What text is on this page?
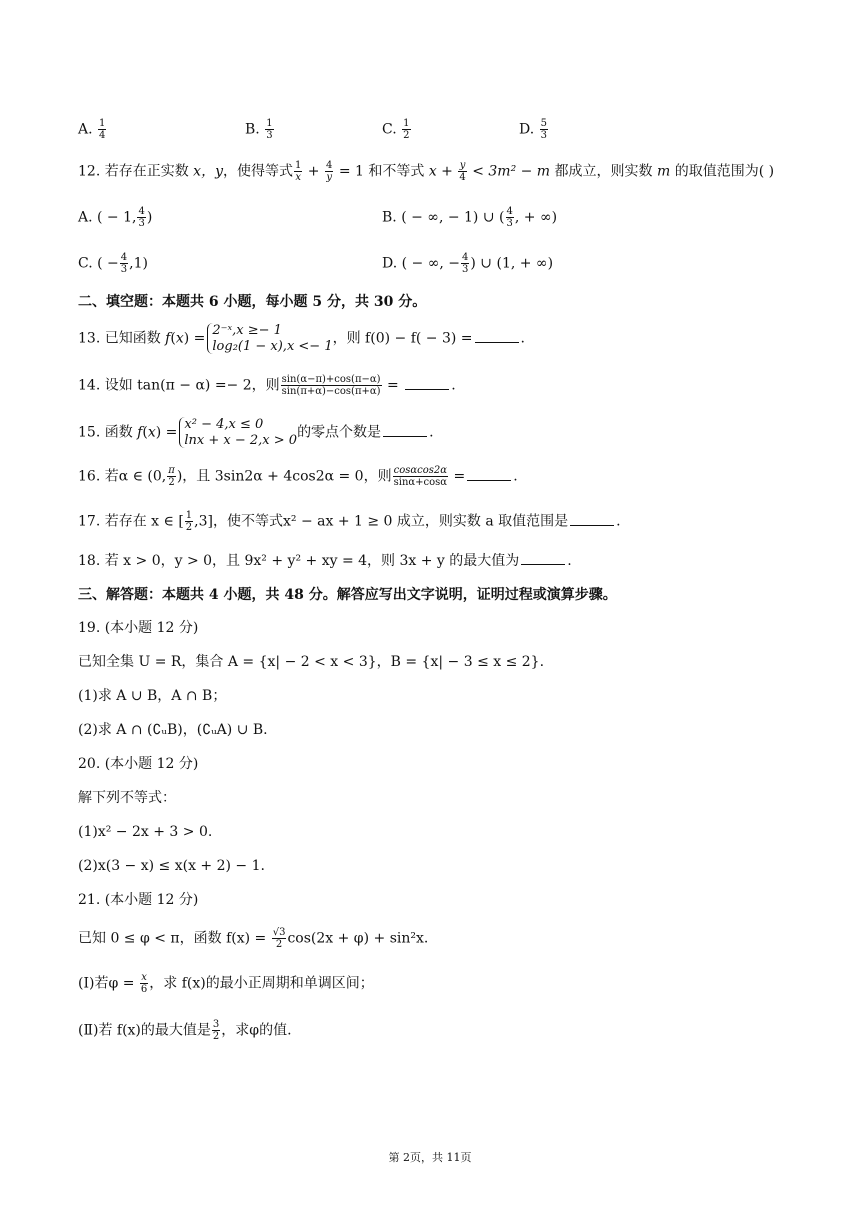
A. $\frac{1}{4}$	B. $\frac{1}{3}$	C. $\frac{1}{2}$	D. $\frac{5}{3}$
12. 若存在正实数 x，y，使得等式 $\frac{1}{x} + \frac{4}{y} = 1$ 和不等式 $x + \frac{y}{4} < 3m^2 - m$ 都成立，则实数 m 的取值范围为( )
A. ( − 1, $\frac{4}{3}$ )	B. ( − ∞, − 1) ∪ ( $\frac{4}{3}$ , + ∞)
C. ( − $\frac{4}{3} ,1$)	D. ( − ∞, − $\frac{4}{3}$ ) ∪ (1, + ∞)
二、填空题：本题共 6 小题，每小题 5 分，共 30 分。
13. 已知函数 f(x) =
2⁻ˣ,x ≥− 1
log₂(1 − x),x <− 1 ，则 f(0) − f( − 3) =	.
14. 设如 tan(π − α) =− 2，则 $\frac{\sin(\alpha-\pi)+\cos(\pi-\alpha)}{\sin(\pi+\alpha)-\cos(\pi+\alpha)}$ =	.
15. 函数 f(x) =
x² − 4,x ≤ 0
lnx + x − 2,x > 0 的零点个数是	.
16. 若α ∈ (0, $\frac{\pi}{2}$ )，且 3sin2α + 4cos2α = 0，则 $\frac{\cos\alpha\cos 2\alpha}{\sin\alpha+\cos\alpha}$ =	.
17. 若存在 x ∈ [ $\frac{1}{2} ,3$]，使不等式x² − ax + 1 ≥ 0 成立，则实数 a 取值范围是	.
18. 若 x > 0，y > 0，且 9x² + y² + xy = 4，则 3x + y 的最大值为	.
三、解答题：本题共 4 小题，共 48 分。解答应写出文字说明，证明过程或演算步骤。
19. (本小题 12 分)
已知全集 U = R，集合 A = {x| − 2 < x < 3}，B = {x| − 3 ≤ x ≤ 2}.
(1)求 A ∪ B，A ∩ B；
(2)求 A ∩ (∁ᵤB)，(∁ᵤA) ∪ B.
20. (本小题 12 分)
解下列不等式：
(1)x² − 2x + 3 > 0.
(2)x(3 − x) ≤ x(x + 2) − 1.
21. (本小题 12 分)
已知 0 ≤ φ < π，函数 $f(x) = \frac{√3}{2} \cos(2x + \varphi) + \sin^2x$.
(Ⅰ)若$\varphi = \frac{x}{6}$ ，求 f(x)的最小正周期和单调区间；
(Ⅱ)若 f(x)的最大值是 $\frac{3}{2}$ ，求φ的值.
第 2页，共 11页
